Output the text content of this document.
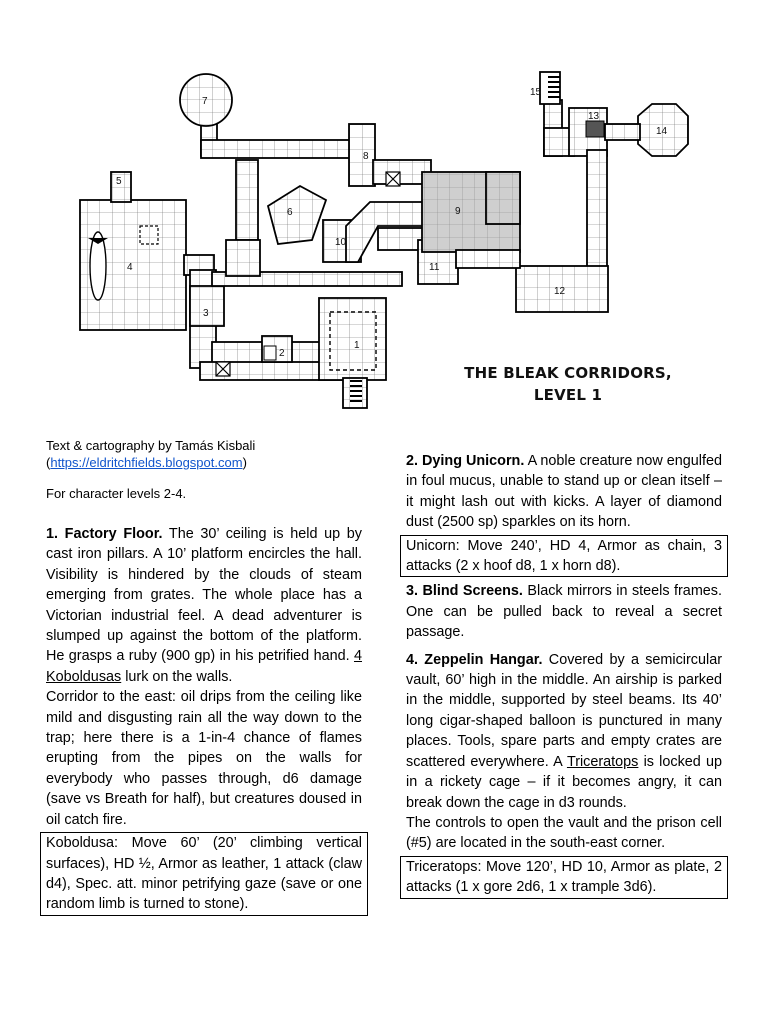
7
5
4
3
2
1
6
8
9
10
11
12
13
14
15
THE BLEAK CORRIDORS,
LEVEL 1

Text & cartography by Tamás Kisbali

(https://eldritchfields.blogspot.com)

For character levels 2-4.

1. Factory Floor. The 30’ ceiling is held up by cast iron pillars. A 10’ platform encircles the hall. Visibility is hindered by the clouds of steam emerging from grates. The whole place has a Victorian industrial feel. A dead adventurer is slumped up against the bottom of the platform. He grasps a ruby (900 gp) in his petrified hand. 4 Koboldusas lurk on the walls.

Corridor to the east: oil drips from the ceiling like mild and disgusting rain all the way down to the trap; here there is a 1-in-4 chance of flames erupting from the pipes on the walls for everybody who passes through, d6 damage (save vs Breath for half), but creatures doused in oil catch fire.

Koboldusa: Move 60’ (20’ climbing vertical surfaces), HD ½, Armor as leather, 1 attack (claw d4), Spec. att. minor petrifying gaze (save or one random limb is turned to stone).

2. Dying Unicorn. A noble creature now engulfed in foul mucus, unable to stand up or clean itself – it might lash out with kicks. A layer of diamond dust (2500 sp) sparkles on its horn.

Unicorn: Move 240’, HD 4, Armor as chain, 3 attacks (2 x hoof d8, 1 x horn d8).

3. Blind Screens. Black mirrors in steels frames. One can be pulled back to reveal a secret passage.

4. Zeppelin Hangar. Covered by a semicircular vault, 60’ high in the middle. An airship is parked in the middle, supported by steel beams. Its 40’ long cigar-shaped balloon is punctured in many places. Tools, spare parts and empty crates are scattered everywhere. A Triceratops is locked up in a rickety cage – if it becomes angry, it can break down the cage in d3 rounds.

The controls to open the vault and the prison cell (#5) are located in the south-east corner.

Triceratops: Move 120’, HD 10, Armor as plate, 2 attacks (1 x gore 2d6, 1 x trample 3d6).
